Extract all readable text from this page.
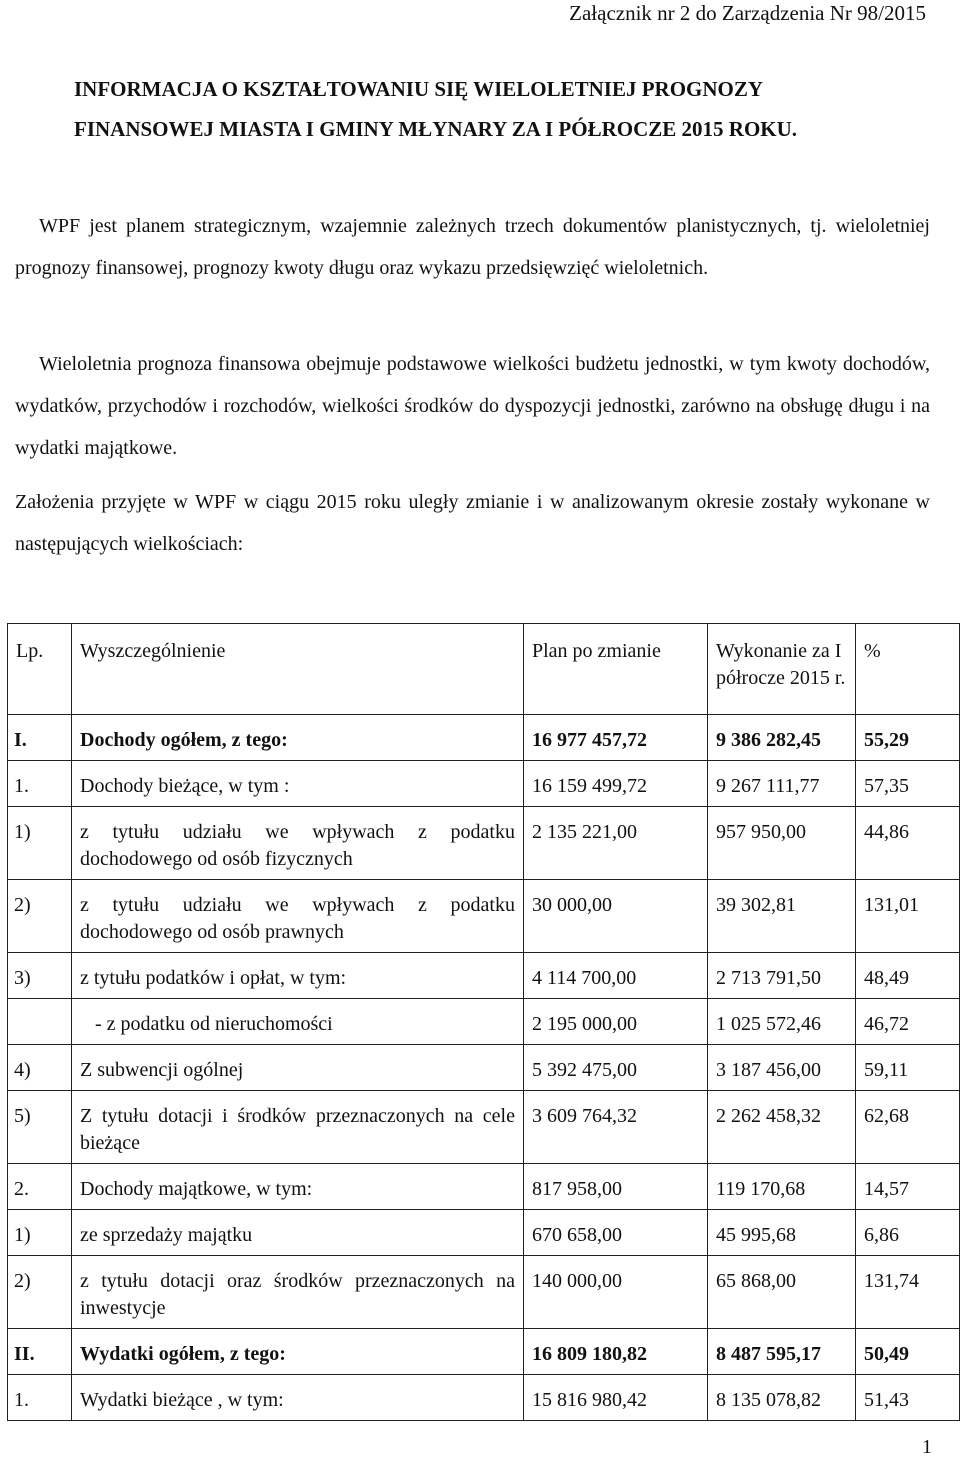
Załącznik nr 2 do Zarządzenia Nr 98/2015
INFORMACJA O KSZTAŁTOWANIU SIĘ WIELOLETNIEJ PROGNOZY
FINANSOWEJ MIASTA I GMINY MŁYNARY ZA I PÓŁROCZE 2015 ROKU.
WPF jest planem strategicznym, wzajemnie zależnych trzech dokumentów planistycznych, tj. wieloletniej prognozy finansowej, prognozy kwoty długu oraz wykazu przedsięwzięć wieloletnich.
Wieloletnia prognoza finansowa obejmuje podstawowe wielkości budżetu jednostki, w tym kwoty dochodów, wydatków, przychodów i rozchodów, wielkości środków do dyspozycji jednostki, zarówno na obsługę długu i na wydatki majątkowe.
Założenia przyjęte w WPF w ciągu 2015 roku uległy zmianie i w analizowanym okresie zostały wykonane w następujących wielkościach:
Lp.	Wyszczególnienie	Plan po zmianie	Wykonanie za I półrocze 2015 r.	%
I.	Dochody ogółem, z tego:	16 977 457,72	9 386 282,45	55,29
1.	Dochody bieżące, w tym :	16 159 499,72	9 267 111,77	57,35
1)	z tytułu udziału we wpływach z podatku dochodowego od osób fizycznych	2 135 221,00	957 950,00	44,86
2)	z tytułu udziału we wpływach z podatku dochodowego od osób prawnych	30 000,00	39 302,81	131,01
3)	z tytułu podatków i opłat, w tym:	4 114 700,00	2 713 791,50	48,49
	- z podatku od nieruchomości	2 195 000,00	1 025 572,46	46,72
4)	Z subwencji ogólnej	5 392 475,00	3 187 456,00	59,11
5)	Z tytułu dotacji i środków przeznaczonych na cele bieżące	3 609 764,32	2 262 458,32	62,68
2.	Dochody majątkowe, w tym:	817 958,00	119 170,68	14,57
1)	ze sprzedaży majątku	670 658,00	45 995,68	6,86
2)	z tytułu dotacji oraz środków przeznaczonych na inwestycje	140 000,00	65 868,00	131,74
II.	Wydatki ogółem, z tego:	16 809 180,82	8 487 595,17	50,49
1.	Wydatki bieżące , w tym:	15 816 980,42	8 135 078,82	51,43
1
